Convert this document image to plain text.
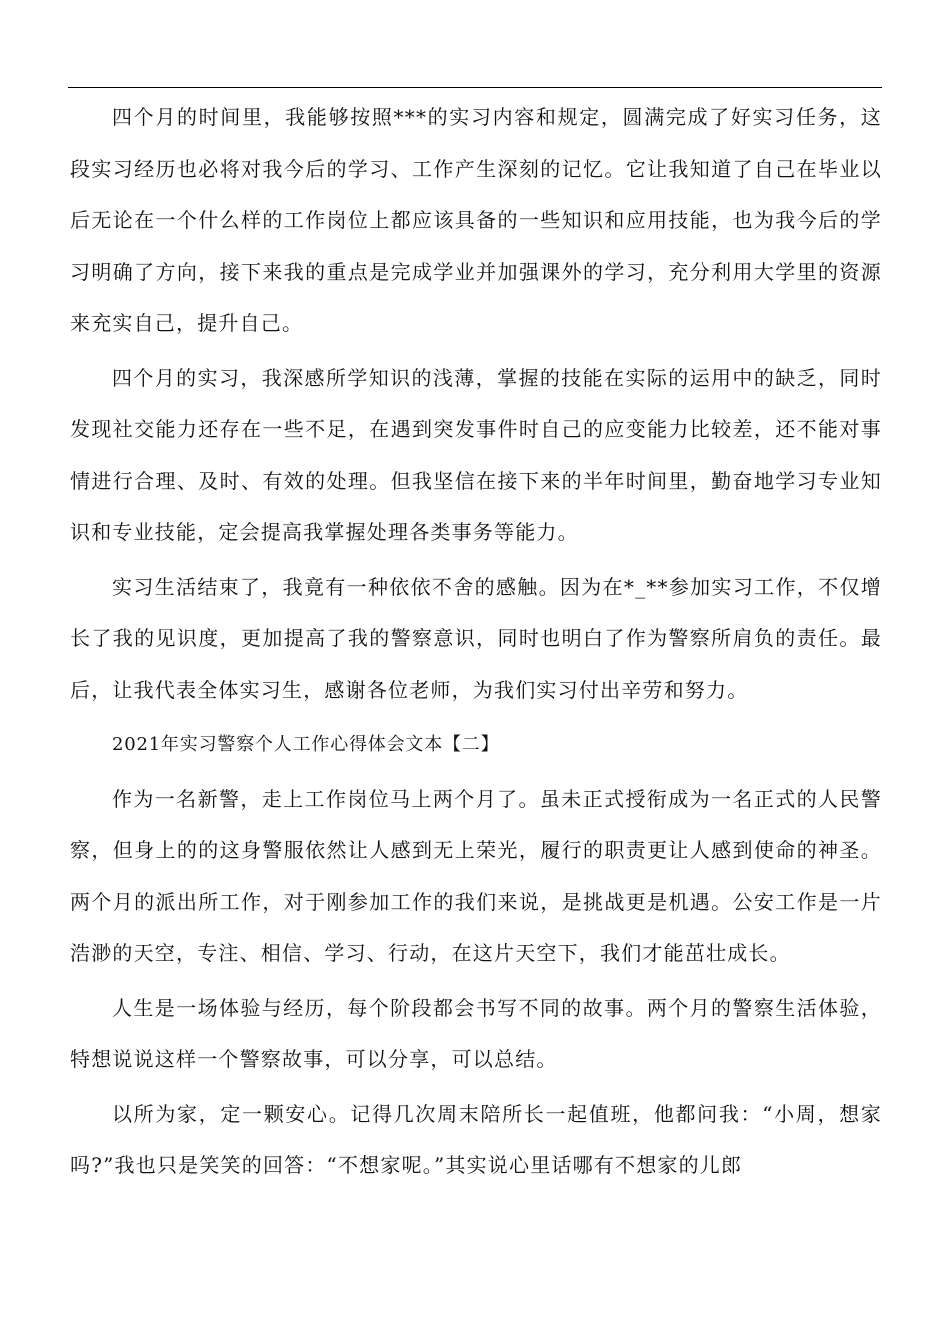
四个月的时间里，我能够按照***的实习内容和规定，圆满完成了好实习任务，这段实习经历也必将对我今后的学习、工作产生深刻的记忆。它让我知道了自己在毕业以后无论在一个什么样的工作岗位上都应该具备的一些知识和应用技能，也为我今后的学习明确了方向，接下来我的重点是完成学业并加强课外的学习，充分利用大学里的资源来充实自己，提升自己。

四个月的实习，我深感所学知识的浅薄，掌握的技能在实际的运用中的缺乏，同时发现社交能力还存在一些不足，在遇到突发事件时自己的应变能力比较差，还不能对事情进行合理、及时、有效的处理。但我坚信在接下来的半年时间里，勤奋地学习专业知识和专业技能，定会提高我掌握处理各类事务等能力。

实习生活结束了，我竟有一种依依不舍的感触。因为在*_**参加实习工作，不仅增长了我的见识度，更加提高了我的警察意识，同时也明白了作为警察所肩负的责任。最后，让我代表全体实习生，感谢各位老师，为我们实习付出辛劳和努力。

2021年实习警察个人工作心得体会文本【二】

作为一名新警，走上工作岗位马上两个月了。虽未正式授衔成为一名正式的人民警察，但身上的的这身警服依然让人感到无上荣光，履行的职责更让人感到使命的神圣。两个月的派出所工作，对于刚参加工作的我们来说，是挑战更是机遇。公安工作是一片浩渺的天空，专注、相信、学习、行动，在这片天空下，我们才能茁壮成长。

人生是一场体验与经历，每个阶段都会书写不同的故事。两个月的警察生活体验，特想说说这样一个警察故事，可以分享，可以总结。

以所为家，定一颗安心。记得几次周末陪所长一起值班，他都问我：“小周，想家吗?”我也只是笑笑的回答：“不想家呢。”其实说心里话哪有不想家的儿郎
